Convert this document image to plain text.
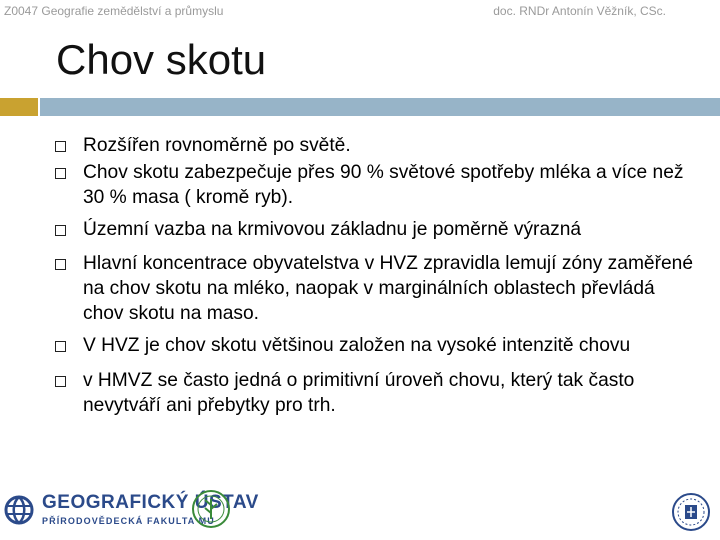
Z0047 Geografie zemědělství a průmyslu	doc. RNDr Antonín Věžník, CSc.
Chov skotu
Rozšířen rovnoměrně po světě.
Chov skotu zabezpečuje přes 90 % světové spotřeby mléka a více než 30 % masa ( kromě ryb).
Územní vazba na krmivovou základnu je poměrně výrazná
Hlavní koncentrace obyvatelstva v HVZ zpravidla lemují zóny zaměřené na chov skotu na mléko, naopak v marginálních oblastech převládá chov skotu na maso.
V HVZ je chov skotu většinou založen na vysoké intenzitě chovu
v HMVZ se často jedná o primitivní úroveň chovu, který tak často nevytváří ani přebytky pro trh.
GEOGRAFICKÝ ÚSTAV
PŘÍRODOVĚDECKÁ FAKULTA MU
